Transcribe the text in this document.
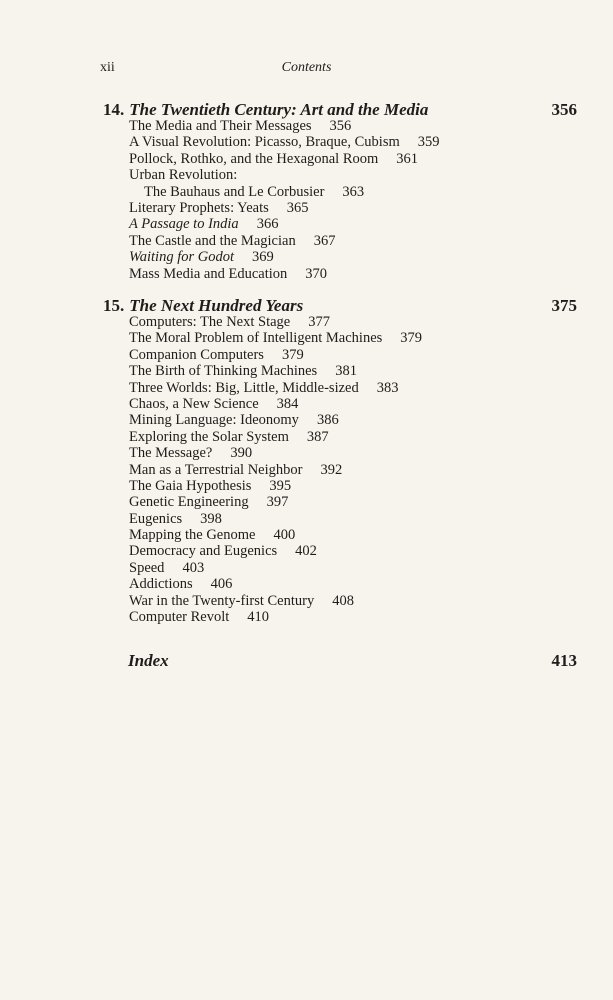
xii	Contents
14. The Twentieth Century: Art and the Media	356
The Media and Their Messages 356
A Visual Revolution: Picasso, Braque, Cubism 359
Pollock, Rothko, and the Hexagonal Room 361
Urban Revolution:
The Bauhaus and Le Corbusier 363
Literary Prophets: Yeats 365
A Passage to India 366
The Castle and the Magician 367
Waiting for Godot 369
Mass Media and Education 370
15. The Next Hundred Years	375
Computers: The Next Stage 377
The Moral Problem of Intelligent Machines 379
Companion Computers 379
The Birth of Thinking Machines 381
Three Worlds: Big, Little, Middle-sized 383
Chaos, a New Science 384
Mining Language: Ideonomy 386
Exploring the Solar System 387
The Message? 390
Man as a Terrestrial Neighbor 392
The Gaia Hypothesis 395
Genetic Engineering 397
Eugenics 398
Mapping the Genome 400
Democracy and Eugenics 402
Speed 403
Addictions 406
War in the Twenty-first Century 408
Computer Revolt 410
Index	413
